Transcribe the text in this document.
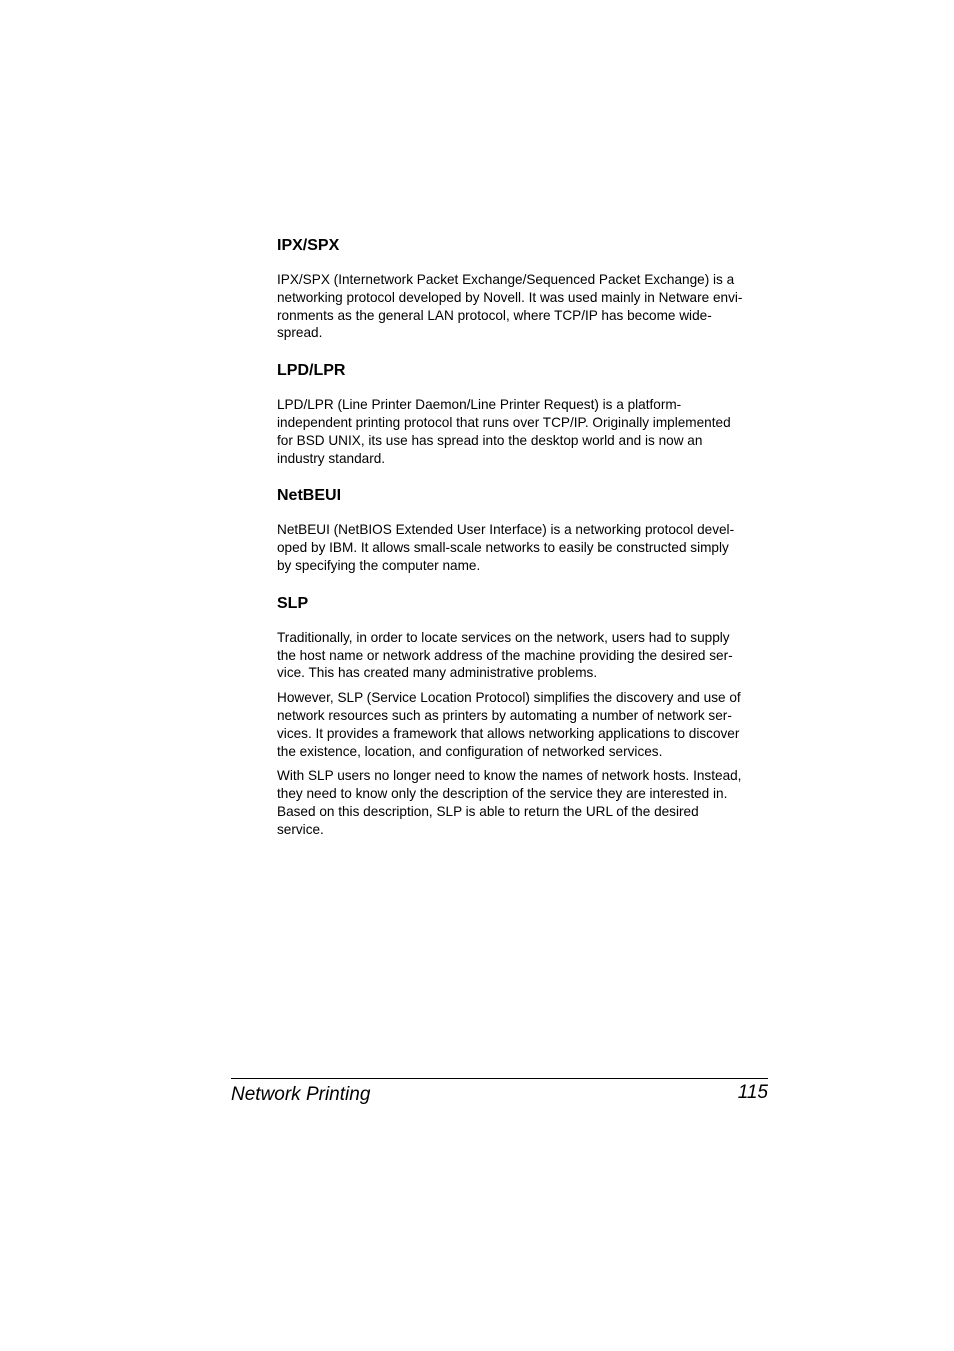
IPX/SPX

IPX/SPX (Internetwork Packet Exchange/Sequenced Packet Exchange) is a
networking protocol developed by Novell. It was used mainly in Netware envi-
ronments as the general LAN protocol, where TCP/IP has become wide-
spread.

LPD/LPR

LPD/LPR (Line Printer Daemon/Line Printer Request) is a platform-
independent printing protocol that runs over TCP/IP. Originally implemented
for BSD UNIX, its use has spread into the desktop world and is now an
industry standard.

NetBEUI

NetBEUI (NetBIOS Extended User Interface) is a networking protocol devel-
oped by IBM. It allows small-scale networks to easily be constructed simply
by specifying the computer name.

SLP

Traditionally, in order to locate services on the network, users had to supply
the host name or network address of the machine providing the desired ser-
vice. This has created many administrative problems.

However, SLP (Service Location Protocol) simplifies the discovery and use of
network resources such as printers by automating a number of network ser-
vices. It provides a framework that allows networking applications to discover
the existence, location, and configuration of networked services.

With SLP users no longer need to know the names of network hosts. Instead,
they need to know only the description of the service they are interested in.
Based on this description, SLP is able to return the URL of the desired
service.

Network Printing	115
